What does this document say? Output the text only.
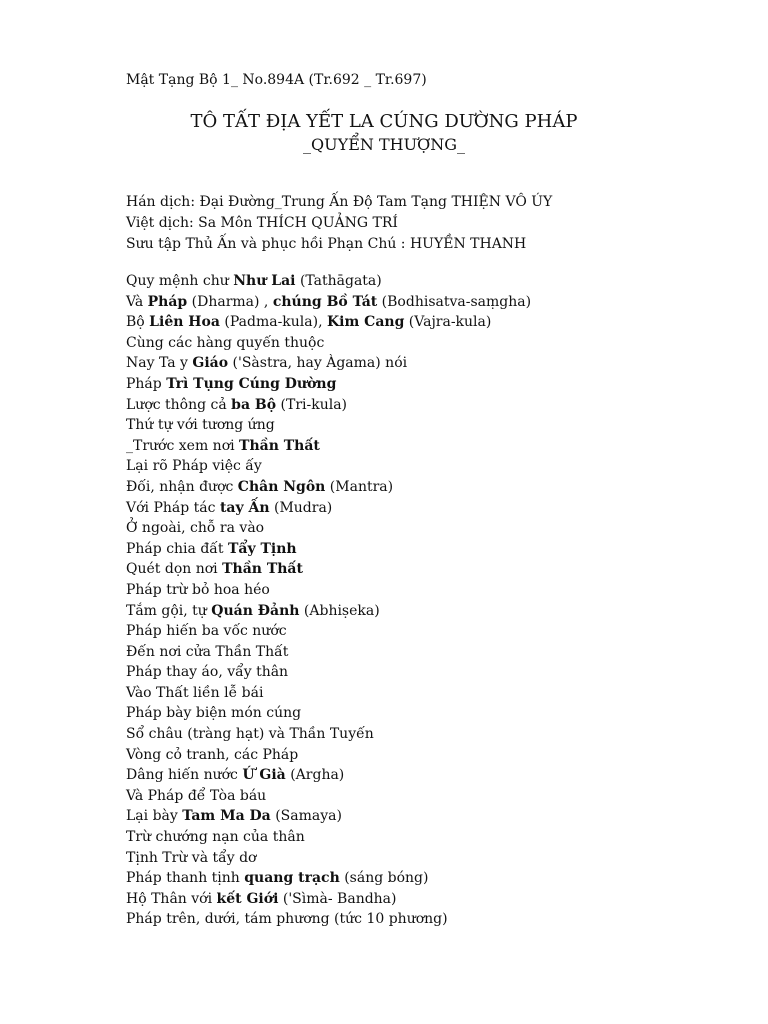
Mật Tạng Bộ 1_ No.894A (Tr.692 _ Tr.697)
TÔ TẤT ĐỊA YẾT LA CÚNG DƯỜNG PHÁP
_QUYỂN THƯỢNG_
Hán dịch: Đại Đường_Trung Ấn Độ Tam Tạng THIỆN VÔ ÚY
Việt dịch: Sa Môn THÍCH QUẢNG TRÍ
Sưu tập Thủ Ấn và phục hồi Phạn Chú : HUYỀN THANH
Quy mệnh chư Như Lai (Tathāgata)
Và Pháp (Dharma) , chúng Bồ Tát (Bodhisatva-saṃgha)
Bộ Liên Hoa (Padma-kula), Kim Cang (Vajra-kula)
Cùng các hàng quyến thuộc
Nay Ta y Giáo ('Sàstra, hay Àgama) nói
Pháp Trì Tụng Cúng Dường
Lược thông cả ba Bộ (Tri-kula)
Thứ tự với tương ứng
_Trước xem nơi Thần Thất
Lại rõ Pháp việc ấy
Đối, nhận được Chân Ngôn (Mantra)
Với Pháp tác tay Ấn (Mudra)
Ở ngoài, chỗ ra vào
Pháp chia đất Tẩy Tịnh
Quét dọn nơi Thần Thất
Pháp trừ bỏ hoa héo
Tắm gội, tự Quán Đảnh (Abhiṣeka)
Pháp hiến ba vốc nước
Đến nơi cửa Thần Thất
Pháp thay áo, vẩy thân
Vào Thất liền lễ bái
Pháp bày biện món cúng
Sổ châu (tràng hạt) và Thần Tuyến
Vòng cỏ tranh, các Pháp
Dâng hiến nước Ứ Già (Argha)
Và Pháp để Tòa báu
Lại bày Tam Ma Da (Samaya)
Trừ chướng nạn của thân
Tịnh Trừ và tẩy dơ
Pháp thanh tịnh quang trạch (sáng bóng)
Hộ Thân với kết Giới ('Sìmà- Bandha)
Pháp trên, dưới, tám phương (tức 10 phương)
